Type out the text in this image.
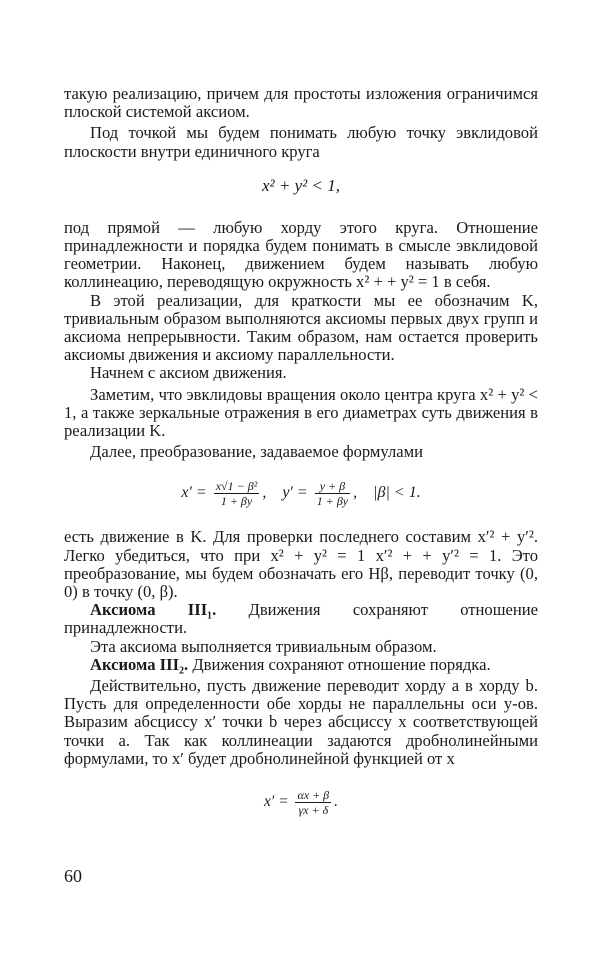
такую реализацию, причем для простоты изложения ограничимся плоской системой аксиом.

Под точкой мы будем понимать любую точку эвклидовой плоскости внутри единичного круга

x² + y² < 1,

под прямой — любую хорду этого круга. Отношение принадлежности и порядка будем понимать в смысле эвклидовой геометрии. Наконец, движением будем называть любую коллинеацию, переводящую окружность x² + + y² = 1 в себя.

В этой реализации, для краткости мы ее обозначим K, тривиальным образом выполняются аксиомы первых двух групп и аксиома непрерывности. Таким образом, нам остается проверить аксиомы движения и аксиому параллельности.

Начнем с аксиом движения.

Заметим, что эвклидовы вращения около центра круга x² + y² < 1, а также зеркальные отражения в его диаметрах суть движения в реализации K.

Далее, преобразование, задаваемое формулами

$x' = \frac{\text{x√1 − β²}}{1 + \beta y}$ ,    $y' = \frac{y + \beta}{1 + \beta y}$ ,    |β| < 1.

есть движение в K. Для проверки последнего составим x′² + y′². Легко убедиться, что при x² + y² = 1 x′² + + y′² = 1. Это преобразование, мы будем обозначать его Hβ, переводит точку (0, 0) в точку (0, β).

Аксиома III₁. Движения сохраняют отношение принадлежности.

Эта аксиома выполняется тривиальным образом.

Аксиома III₂. Движения сохраняют отношение порядка.

Действительно, пусть движение переводит хорду a в хорду b. Пусть для определенности обе хорды не параллельны оси y-ов. Выразим абсциссу x′ точки b через абсциссу x соответствующей точки a. Так как коллинеации задаются дробнолинейными формулами, то x′ будет дробнолинейной функцией от x

$x' = \frac{\alpha x + \beta}{\gamma x + \delta}$ .
60
